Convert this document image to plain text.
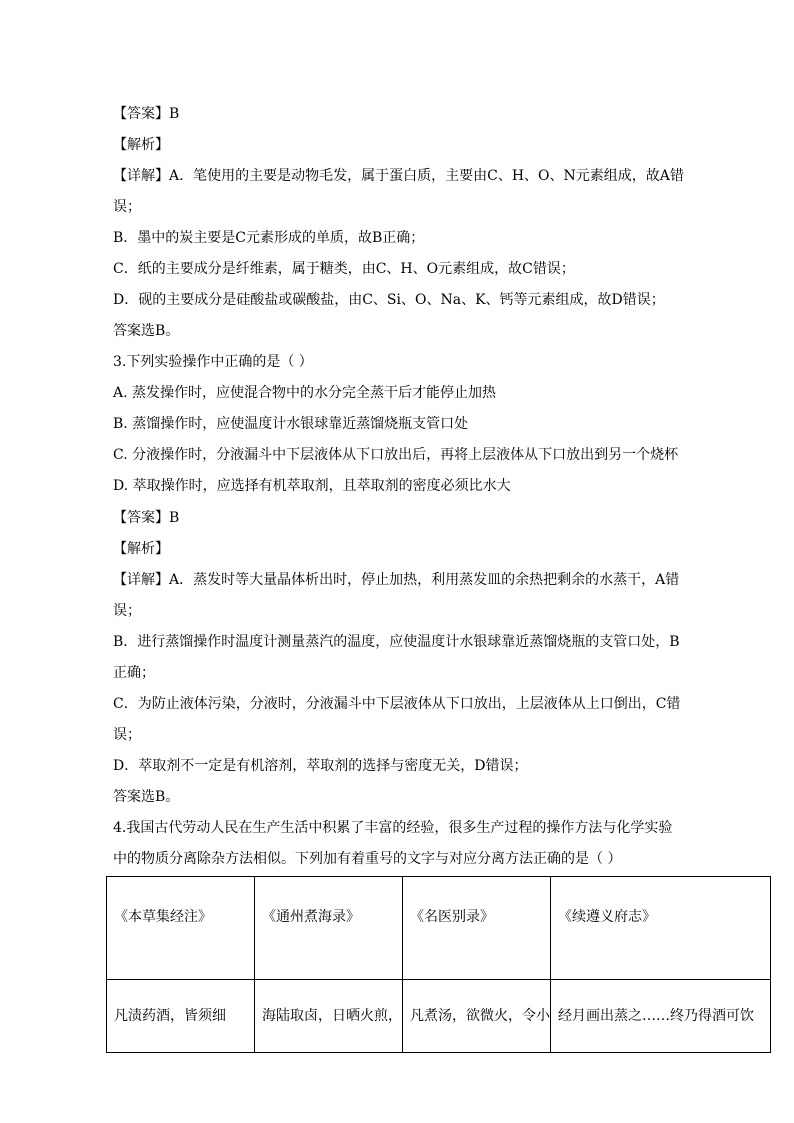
【答案】B
【解析】
【详解】A．笔使用的主要是动物毛发，属于蛋白质，主要由C、H、O、N元素组成，故A错
误；
B．墨中的炭主要是C元素形成的单质，故B正确；
C．纸的主要成分是纤维素，属于糖类，由C、H、O元素组成，故C错误；
D．砚的主要成分是硅酸盐或碳酸盐，由C、Si、O、Na、K、钙等元素组成，故D错误；
答案选B。
3.下列实验操作中正确的是（ ）
A. 蒸发操作时，应使混合物中的水分完全蒸干后才能停止加热
B. 蒸馏操作时，应使温度计水银球靠近蒸馏烧瓶支管口处
C. 分液操作时，分液漏斗中下层液体从下口放出后，再将上层液体从下口放出到另一个烧杯
D. 萃取操作时，应选择有机萃取剂，且萃取剂的密度必须比水大
【答案】B
【解析】
【详解】A．蒸发时等大量晶体析出时，停止加热，利用蒸发皿的余热把剩余的水蒸干，A错
误；
B．进行蒸馏操作时温度计测量蒸汽的温度，应使温度计水银球靠近蒸馏烧瓶的支管口处，B
正确；
C．为防止液体污染，分液时，分液漏斗中下层液体从下口放出，上层液体从上口倒出，C错
误；
D．萃取剂不一定是有机溶剂，萃取剂的选择与密度无关，D错误；
答案选B。
4.我国古代劳动人民在生产生活中积累了丰富的经验，很多生产过程的操作方法与化学实验
中的物质分离除杂方法相似。下列加有着重号的文字与对应分离方法正确的是（ ）
《本草集经注》	《通州煮海录》	《名医别录》	《续遵义府志》
凡渍药酒，皆须细	海陆取卤，日晒火煎，	凡煮汤，欲微火，令小	经月画出蒸之……终乃得酒可饮
